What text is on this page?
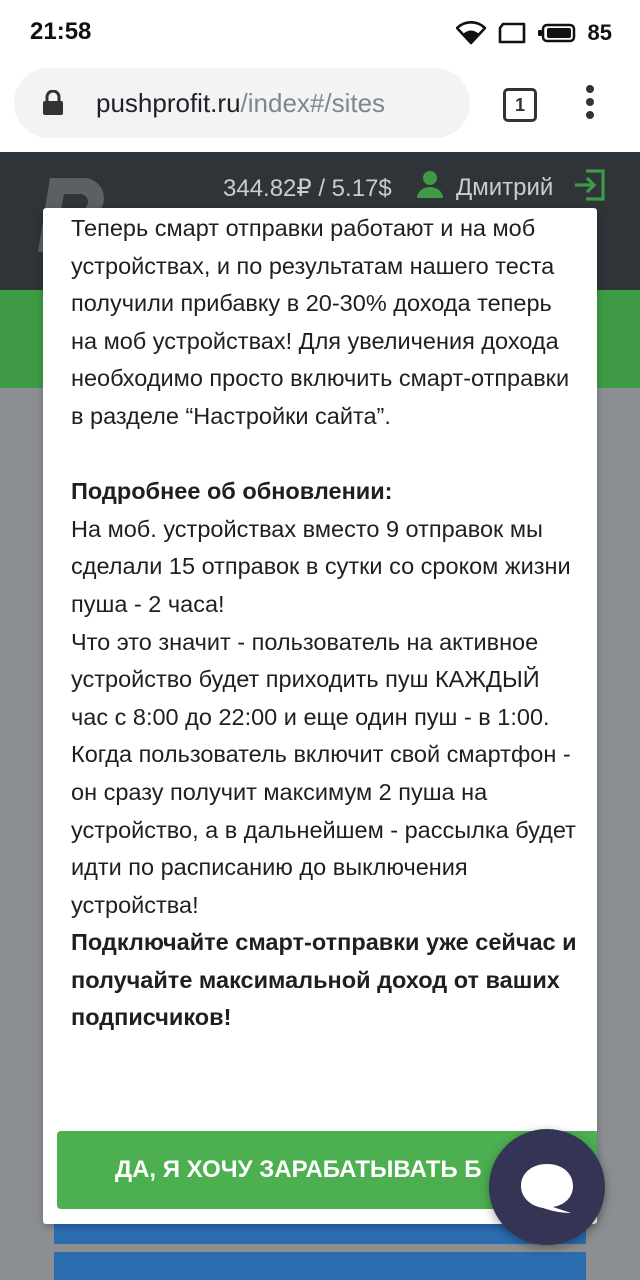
21:58	85
pushprofit.ru/index#/sites	1
344.82₽ / 5.17$	Дмитрий

Теперь смарт отправки работают и на моб устройствах, и по результатам нашего теста получили прибавку в 20-30% дохода теперь на моб устройствах! Для увеличения дохода необходимо просто включить смарт-отправки в разделе “Настройки сайта”.

Подробнее об обновлении:

На моб. устройствах вместо 9 отправок мы сделали 15 отправок в сутки со сроком жизни пуша - 2 часа!

Что это значит - пользователь на активное устройство будет приходить пуш КАЖДЫЙ час с 8:00 до 22:00 и еще один пуш - в 1:00. Когда пользователь включит свой смартфон - он сразу получит максимум 2 пуша на устройство, а в дальнейшем - рассылка будет идти по расписанию до выключения устройства!

Подключайте смарт-отправки уже сейчас и получайте максимальной доход от ваших подписчиков!

ДА, Я ХОЧУ ЗАРАБАТЫВАТЬ Б
